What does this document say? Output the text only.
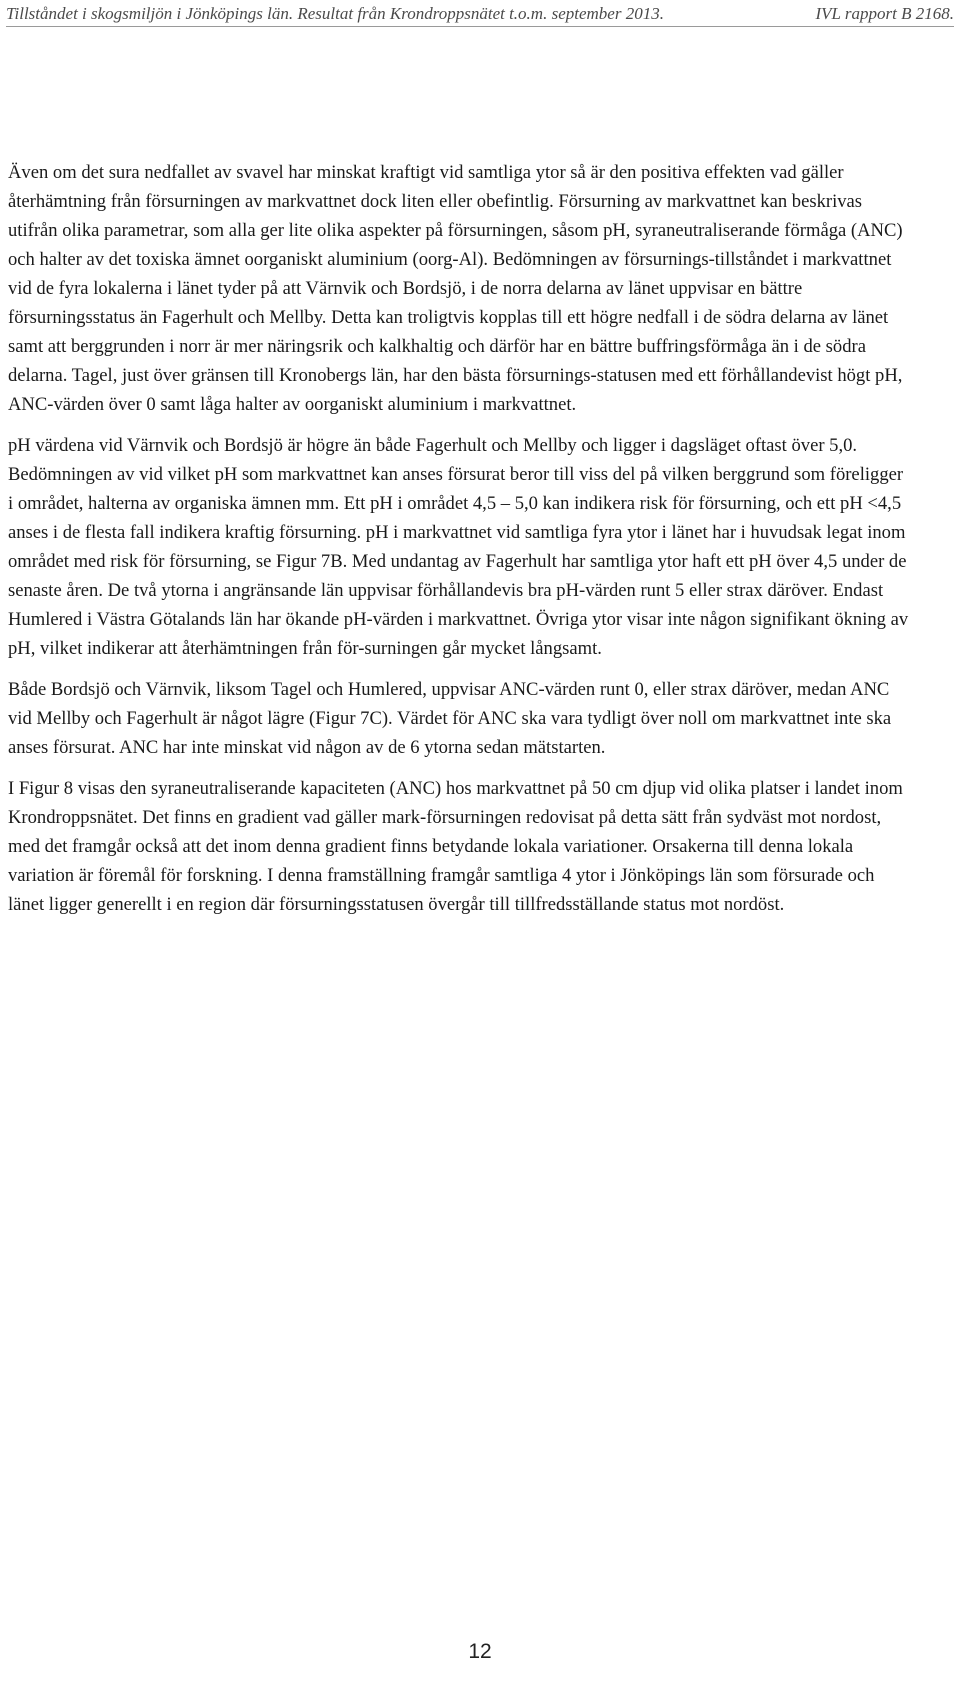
Tillståndet i skogsmiljön i Jönköpings län. Resultat från Krondroppsnätet t.o.m. september 2013.	IVL rapport B 2168.

Även om det sura nedfallet av svavel har minskat kraftigt vid samtliga ytor så är den positiva effekten vad gäller återhämtning från försurningen av markvattnet dock liten eller obefintlig. Försurning av markvattnet kan beskrivas utifrån olika parametrar, som alla ger lite olika aspekter på försurningen, såsom pH, syraneutraliserande förmåga (ANC) och halter av det toxiska ämnet oorganiskt aluminium (oorg-Al). Bedömningen av försurnings-tillståndet i markvattnet vid de fyra lokalerna i länet tyder på att Värnvik och Bordsjö, i de norra delarna av länet uppvisar en bättre försurningsstatus än Fagerhult och Mellby. Detta kan troligtvis kopplas till ett högre nedfall i de södra delarna av länet samt att berggrunden i norr är mer näringsrik och kalkhaltig och därför har en bättre buffringsförmåga än i de södra delarna. Tagel, just över gränsen till Kronobergs län, har den bästa försurnings-statusen med ett förhållandevist högt pH, ANC-värden över 0 samt låga halter av oorganiskt aluminium i markvattnet.

pH värdena vid Värnvik och Bordsjö är högre än både Fagerhult och Mellby och ligger i dagsläget oftast över 5,0. Bedömningen av vid vilket pH som markvattnet kan anses försurat beror till viss del på vilken berggrund som föreligger i området, halterna av organiska ämnen mm. Ett pH i området 4,5 – 5,0 kan indikera risk för försurning, och ett pH <4,5 anses i de flesta fall indikera kraftig försurning. pH i markvattnet vid samtliga fyra ytor i länet har i huvudsak legat inom området med risk för försurning, se Figur 7B. Med undantag av Fagerhult har samtliga ytor haft ett pH över 4,5 under de senaste åren. De två ytorna i angränsande län uppvisar förhållandevis bra pH-värden runt 5 eller strax däröver. Endast Humlered i Västra Götalands län har ökande pH-värden i markvattnet. Övriga ytor visar inte någon signifikant ökning av pH, vilket indikerar att återhämtningen från för-surningen går mycket långsamt.

Både Bordsjö och Värnvik, liksom Tagel och Humlered, uppvisar ANC-värden runt 0, eller strax däröver, medan ANC vid Mellby och Fagerhult är något lägre (Figur 7C). Värdet för ANC ska vara tydligt över noll om markvattnet inte ska anses försurat. ANC har inte minskat vid någon av de 6 ytorna sedan mätstarten.

I Figur 8 visas den syraneutraliserande kapaciteten (ANC) hos markvattnet på 50 cm djup vid olika platser i landet inom Krondroppsnätet. Det finns en gradient vad gäller mark-försurningen redovisat på detta sätt från sydväst mot nordost, med det framgår också att det inom denna gradient finns betydande lokala variationer. Orsakerna till denna lokala variation är föremål för forskning. I denna framställning framgår samtliga 4 ytor i Jönköpings län som försurade och länet ligger generellt i en region där försurningsstatusen övergår till tillfredsställande status mot nordöst.

12
